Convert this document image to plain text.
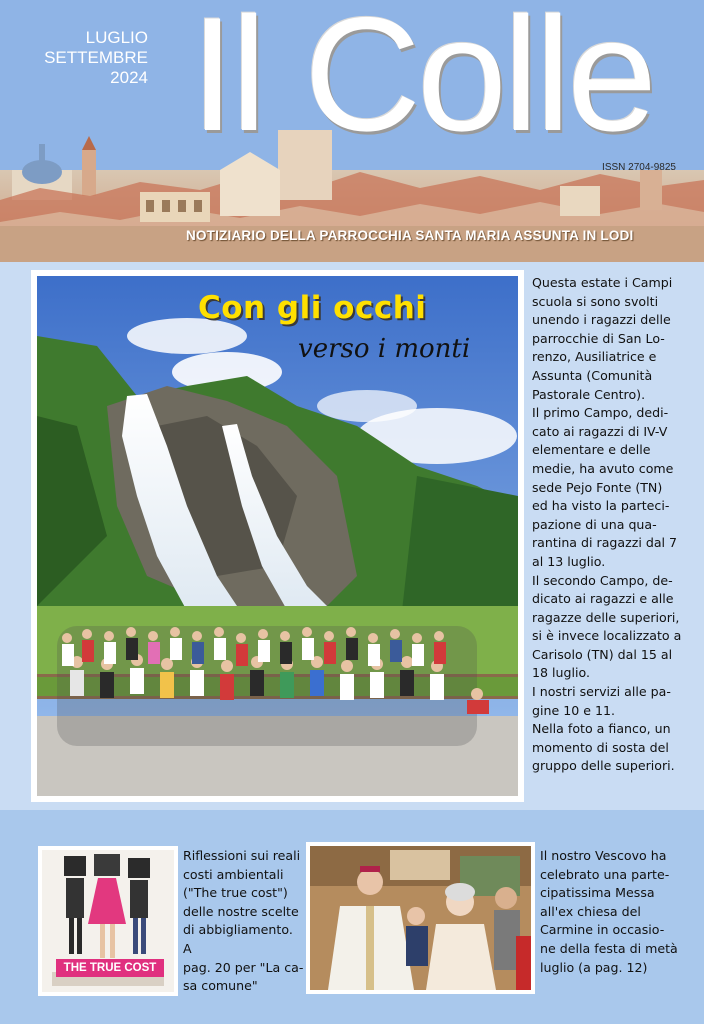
LUGLIO
SETTEMBRE
2024 Il Colle
ISSN 2704-9825
NOTIZIARIO DELLA PARROCCHIA SANTA MARIA ASSUNTA IN LODI
Con gli occhi
verso i monti

Questa estate i Campi

scuola si sono svolti

unendo i ragazzi delle

parrocchie di San Lo-

renzo, Ausiliatrice e

Assunta (Comunità

Pastorale Centro).

Il primo Campo, dedi-

cato ai ragazzi di IV-V

elementare e delle

medie, ha avuto come

sede Pejo Fonte (TN)

ed ha visto la parteci-

pazione di una qua-

rantina di ragazzi dal 7

al 13 luglio.

Il secondo Campo, de-

dicato ai ragazzi e alle

ragazze delle superiori,

si è invece localizzato a

Carisolo (TN) dal 15 al

18 luglio.

I nostri servizi alle pa-

gine 10 e 11.

Nella foto a fianco, un

momento di sosta del

gruppo delle superiori.

THE TRUE COST
Riflessioni sui reali
costi ambientali
("The true cost")
delle nostre scelte
di abbigliamento. A
pag. 20 per "La ca-
sa comune"
Il nostro Vescovo ha
celebrato una parte-
cipatissima Messa
all'ex chiesa del
Carmine in occasio-
ne della festa di metà
luglio (a pag. 12)
